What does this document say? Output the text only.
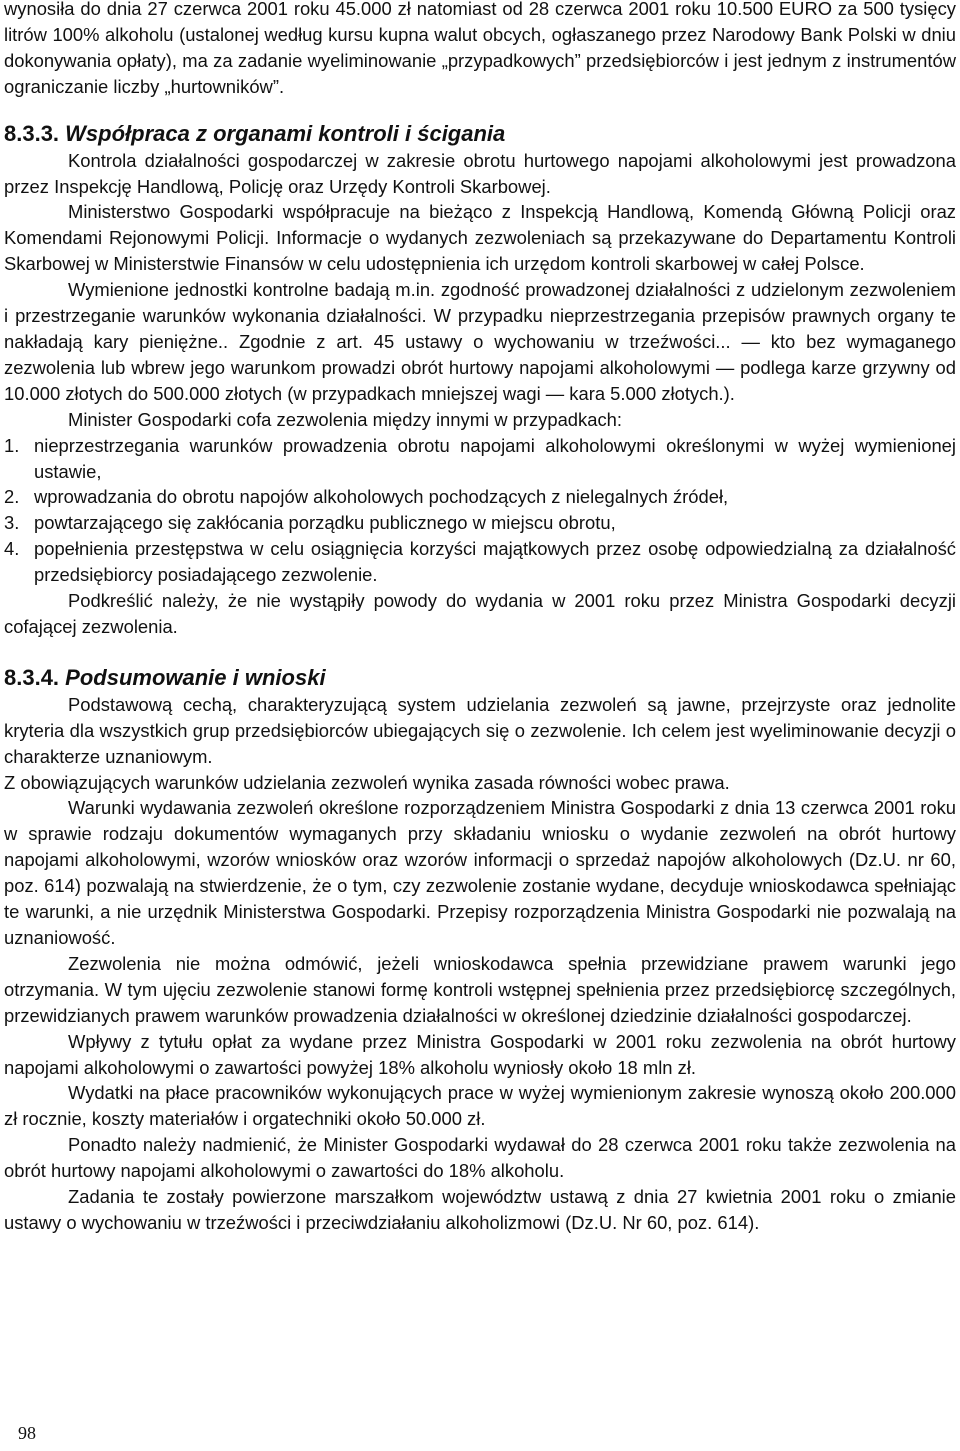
wynosiła do dnia 27 czerwca 2001 roku 45.000 zł natomiast od 28 czerwca 2001 roku 10.500 EURO za 500 tysięcy litrów 100% alkoholu (ustalonej według kursu kupna walut obcych, ogłaszanego przez Narodowy Bank Polski w dniu dokonywania opłaty), ma za zadanie wyeliminowanie „przypadkowych” przedsiębiorców i jest jednym z instrumentów ograniczanie liczby „hurtowników”.

8.3.3. Współpraca z organami kontroli i ścigania

Kontrola działalności gospodarczej w zakresie obrotu hurtowego napojami alkoholowymi jest prowadzona przez Inspekcję Handlową, Policję oraz Urzędy Kontroli Skarbowej.

Ministerstwo Gospodarki współpracuje na bieżąco z Inspekcją Handlową, Komendą Główną Policji oraz Komendami Rejonowymi Policji. Informacje o wydanych zezwoleniach są przekazywane do Departamentu Kontroli Skarbowej w Ministerstwie Finansów w celu udostępnienia ich urzędom kontroli skarbowej w całej Polsce.

Wymienione jednostki kontrolne badają m.in. zgodność prowadzonej działalności z udzielonym zezwoleniem i przestrzeganie warunków wykonania działalności. W przypadku nieprzestrzegania przepisów prawnych organy te nakładają kary pieniężne.. Zgodnie z art. 45 ustawy o wychowaniu w trzeźwości... — kto bez wymaganego zezwolenia lub wbrew jego warunkom prowadzi obrót hurtowy napojami alkoholowymi — podlega karze grzywny od 10.000 złotych do 500.000 złotych (w przypadkach mniejszej wagi — kara 5.000 złotych.).

Minister Gospodarki cofa zezwolenia między innymi w przypadkach:

1. nieprzestrzegania warunków prowadzenia obrotu napojami alkoholowymi określonymi w wyżej wymienionej ustawie,

2. wprowadzania do obrotu napojów alkoholowych pochodzących z nielegalnych źródeł,

3. powtarzającego się zakłócania porządku publicznego w miejscu obrotu,

4. popełnienia przestępstwa w celu osiągnięcia korzyści majątkowych przez osobę odpowiedzialną za działalność przedsiębiorcy posiadającego zezwolenie.

Podkreślić należy, że nie wystąpiły powody do wydania w 2001 roku przez Ministra Gospodarki decyzji cofającej zezwolenia.

8.3.4. Podsumowanie i wnioski

Podstawową cechą, charakteryzującą system udzielania zezwoleń są jawne, przejrzyste oraz jednolite kryteria dla wszystkich grup przedsiębiorców ubiegających się o zezwolenie. Ich celem jest wyeliminowanie decyzji o charakterze uznaniowym.

Z obowiązujących warunków udzielania zezwoleń wynika zasada równości wobec prawa.

Warunki wydawania zezwoleń określone rozporządzeniem Ministra Gospodarki z dnia 13 czerwca 2001 roku w sprawie rodzaju dokumentów wymaganych przy składaniu wniosku o wydanie zezwoleń na obrót hurtowy napojami alkoholowymi, wzorów wniosków oraz wzorów informacji o sprzedaż napojów alkoholowych (Dz.U. nr 60, poz. 614) pozwalają na stwierdzenie, że o tym, czy zezwolenie zostanie wydane, decyduje wnioskodawca spełniając te warunki, a nie urzędnik Ministerstwa Gospodarki. Przepisy rozporządzenia Ministra Gospodarki nie pozwalają na uznaniowość.

Zezwolenia nie można odmówić, jeżeli wnioskodawca spełnia przewidziane prawem warunki jego otrzymania. W tym ujęciu zezwolenie stanowi formę kontroli wstępnej spełnienia przez przedsiębiorcę szczególnych, przewidzianych prawem warunków prowadzenia działalności w określonej dziedzinie działalności gospodarczej.

Wpływy z tytułu opłat za wydane przez Ministra Gospodarki w 2001 roku zezwolenia na obrót hurtowy napojami alkoholowymi o zawartości powyżej 18% alkoholu wyniosły około 18 mln zł.

Wydatki na płace pracowników wykonujących prace w wyżej wymienionym zakresie wynoszą około 200.000 zł rocznie, koszty materiałów i orgatechniki około 50.000 zł.

Ponadto należy nadmienić, że Minister Gospodarki wydawał do 28 czerwca 2001 roku także zezwolenia na obrót hurtowy napojami alkoholowymi o zawartości do 18% alkoholu.

Zadania te zostały powierzone marszałkom województw ustawą z dnia 27 kwietnia 2001 roku o zmianie ustawy o wychowaniu w trzeźwości i przeciwdziałaniu alkoholizmowi (Dz.U. Nr 60, poz. 614).

98
